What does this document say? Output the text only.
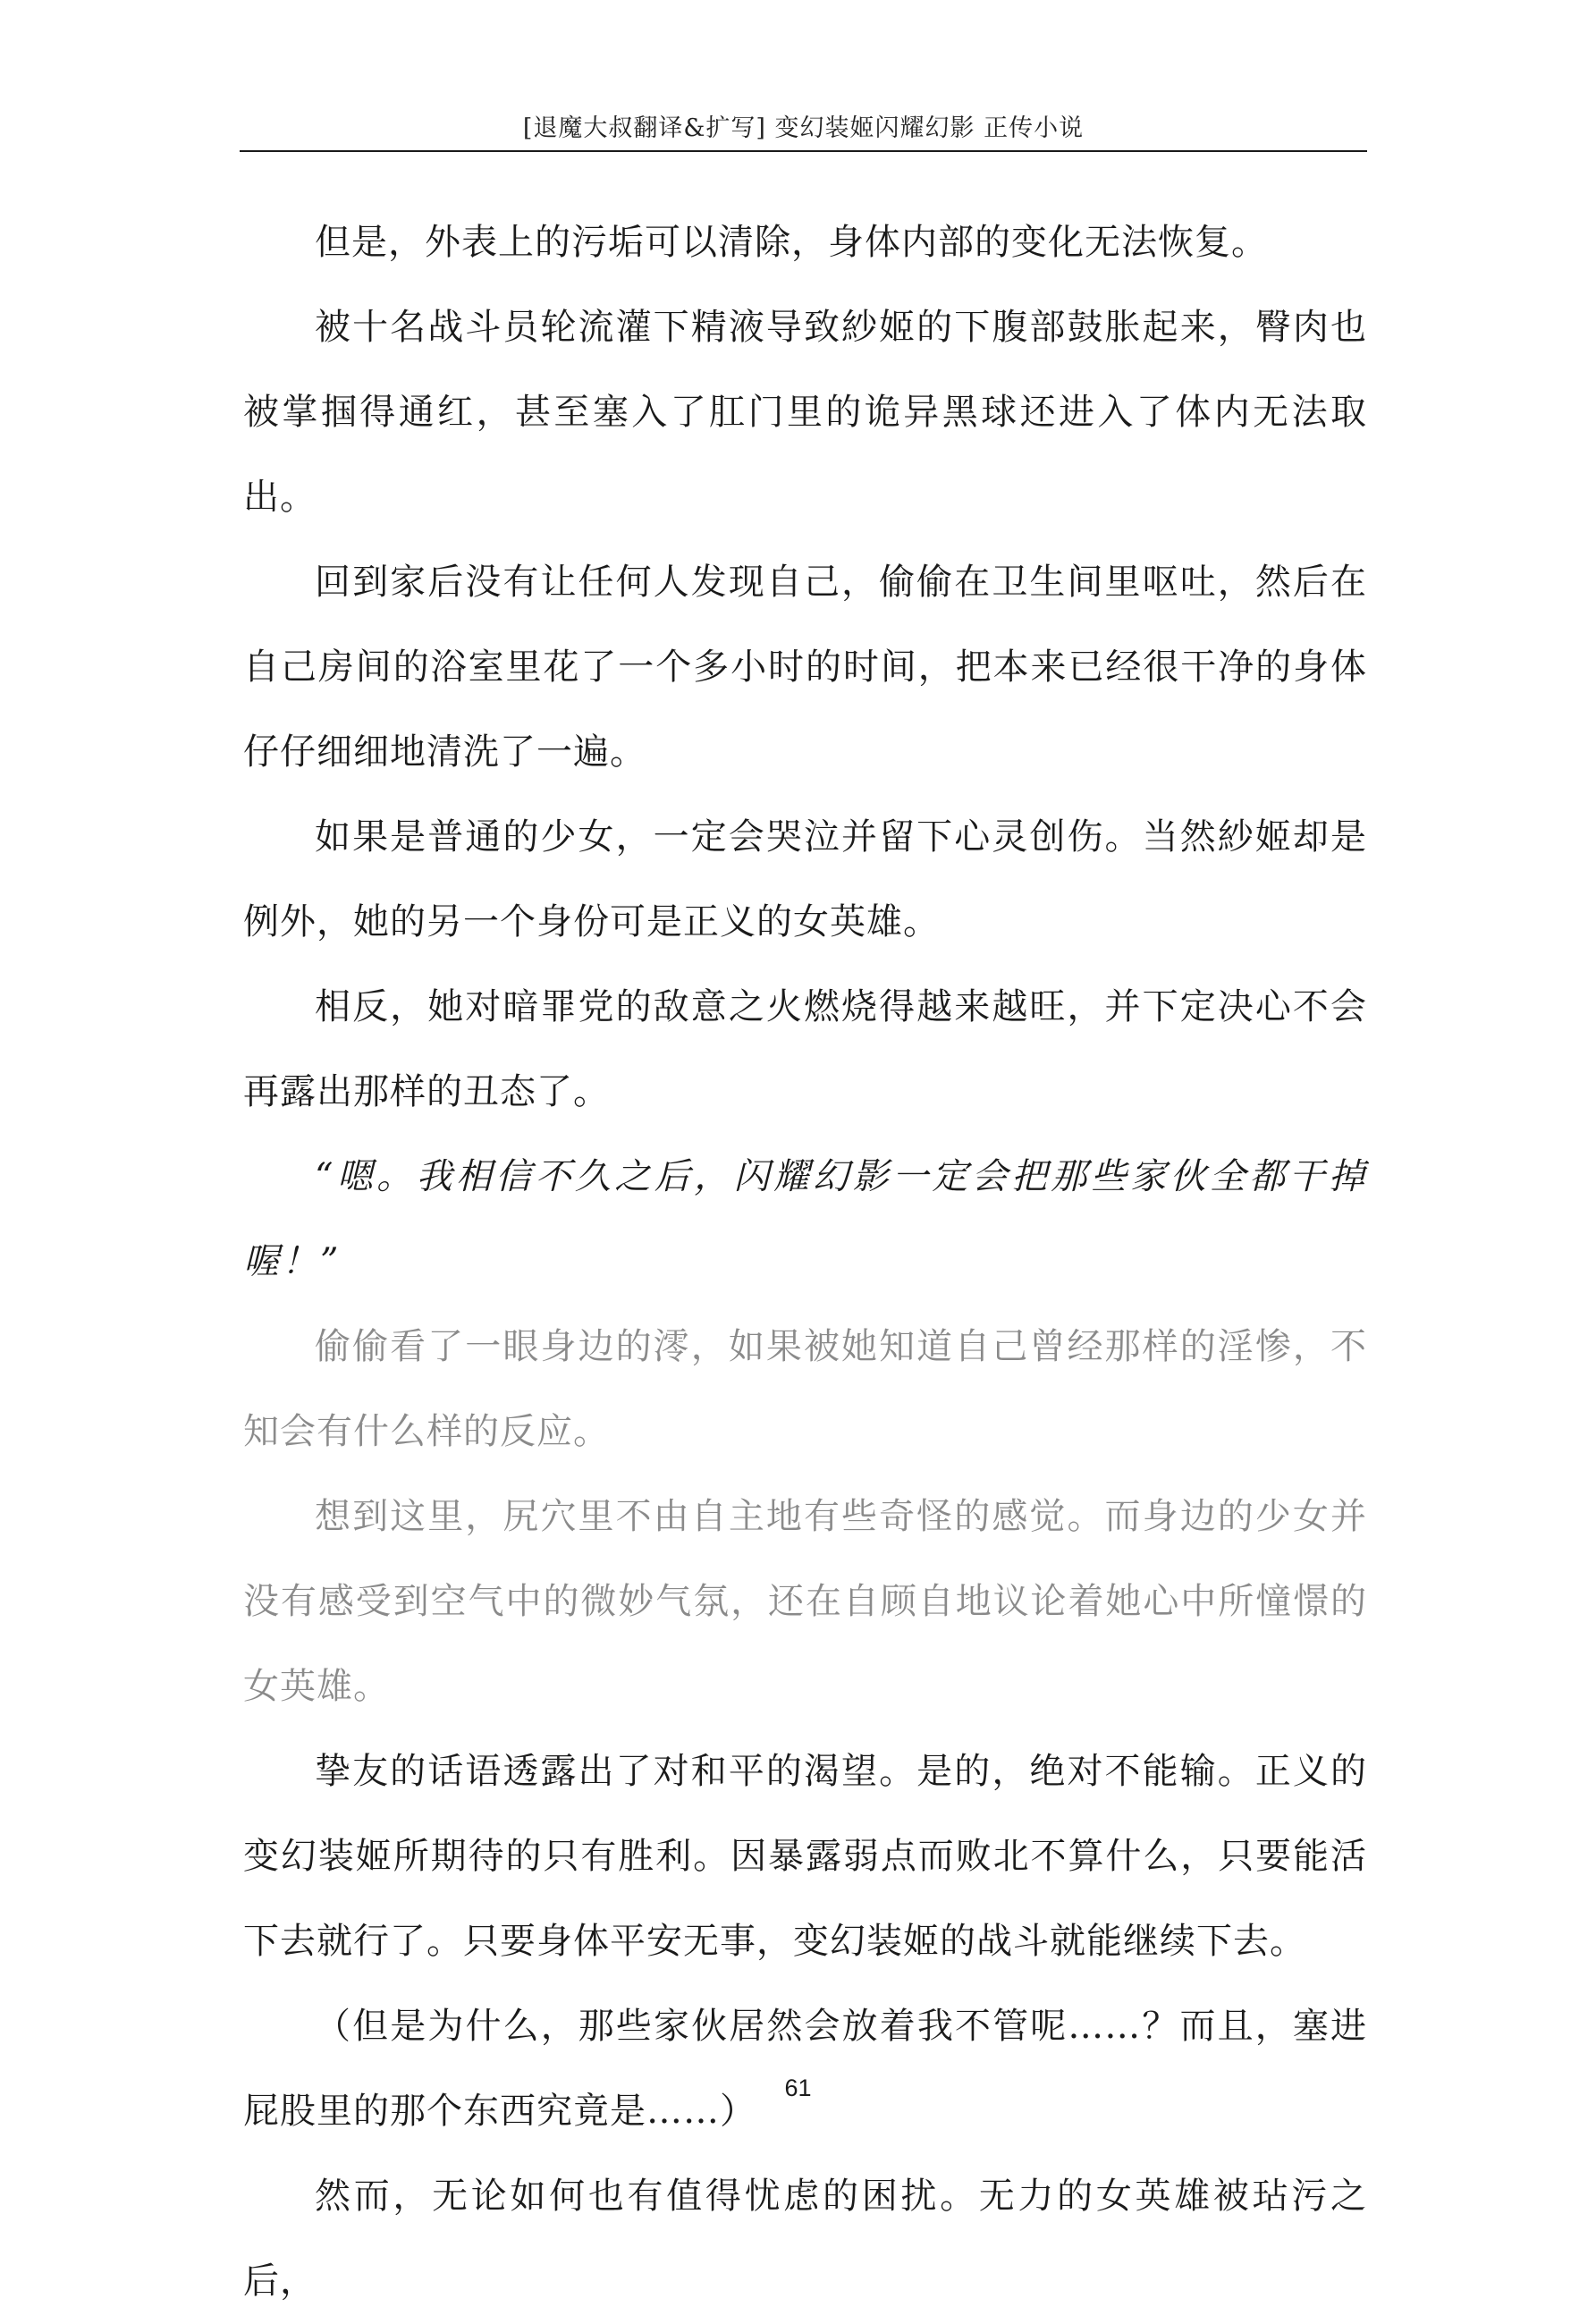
[退魔大叔翻译&扩写] 变幻装姬闪耀幻影 正传小说

但是，外表上的污垢可以清除，身体内部的变化无法恢复。

被十名战斗员轮流灌下精液导致紗姬的下腹部鼓胀起来，臀肉也被掌掴得通红，甚至塞入了肛门里的诡异黑球还进入了体内无法取出。

回到家后没有让任何人发现自己，偷偷在卫生间里呕吐，然后在自己房间的浴室里花了一个多小时的时间，把本来已经很干净的身体仔仔细细地清洗了一遍。

如果是普通的少女，一定会哭泣并留下心灵创伤。当然紗姬却是例外，她的另一个身份可是正义的女英雄。

相反，她对暗罪党的敌意之火燃烧得越来越旺，并下定决心不会再露出那样的丑态了。

“嗯。我相信不久之后，闪耀幻影一定会把那些家伙全都干掉喔！”

偷偷看了一眼身边的澪，如果被她知道自己曾经那样的淫惨，不知会有什么样的反应。

想到这里，尻穴里不由自主地有些奇怪的感觉。而身边的少女并没有感受到空气中的微妙气氛，还在自顾自地议论着她心中所憧憬的女英雄。

挚友的话语透露出了对和平的渴望。是的，绝对不能输。正义的变幻装姬所期待的只有胜利。因暴露弱点而败北不算什么，只要能活下去就行了。只要身体平安无事，变幻装姬的战斗就能继续下去。

（但是为什么，那些家伙居然会放着我不管呢……？而且，塞进屁股里的那个东西究竟是……）

然而，无论如何也有值得忧虑的困扰。无力的女英雄被玷污之后，

61
